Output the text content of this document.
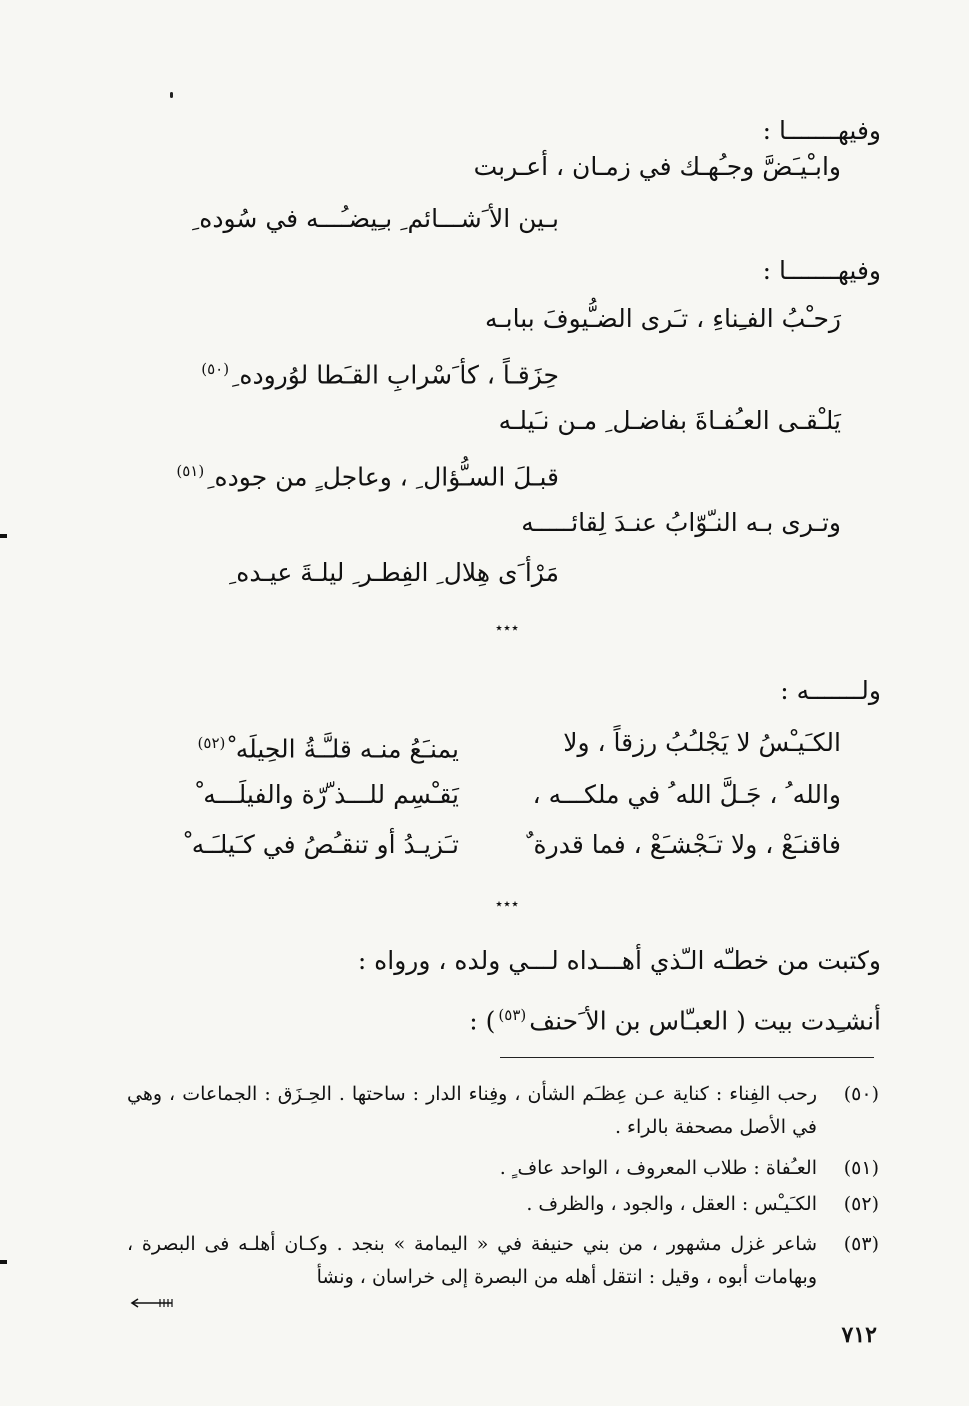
وفيهـــــــا :
وابـْيـَضَّ وجـُهـك في زمـان ، أعـربت
بـين الأ َشـــائم ِ بـِيضـُـــه في سُوده ِ
وفيهـــــــا :
رَحـْبُ الفـِناءِ ، تـَرى الضـُّيوفَ ببابـه
حِزَقـاً ، كأ َسْرابِ القـَطا لوُروده ِ$^{(٥٠)}$
يَلـْقـى العـُفـاةَ بفاضـل ِ مـن نـَيلـه
قبـلَ السـُّؤال ِ ، وعاجل ٍ من جوده ِ$^{(٥١)}$
وتـرى بـه النـّوّابُ عنـدَ لِقائـــــه
مَرْأ َى هِلال ِ الفِطـر ِ ليلـةَ عيـده ِ
⋆⋆⋆
ولـــــــه :
الكـَيـْسُ لا يَجْلـُبُ رزقاً ، ولا
يمنـَعُ منـه قلـَّـةُ الحِيلَه ْ$^{(٥٢)}$
والله ُ ، جَـلَّ الله ُ في ملكـــه ،
يَقـْسِم للـــذ ّرّة والفيلَـــه ْ
فاقنـَعْ ، ولا تـَجْشـَعْ ، فما قدرة ٌ
تـَزيـدُ أو تنقـُصُ في كـَيلـَـه ْ
⋆⋆⋆
وكتبت من خطـّه الـّذي أهـــداه لـــي ولده ، ورواه :
أنشـِدت بيت ( العبـّاس بن الأ َحنف$^{(٥٣)}$) :
(٥٠)
رحب الفِناء : كناية عـن عِظـَم الشأن ، وفِناء الدار : ساحتها . الحِـزَق : الجماعات ، وهي في الأصل مصحفة بالراء .
(٥١)
العـُفاة : طلاب المعروف ، الواحد عاف ٍ .
(٥٢)
الكـَيـْس : العقل ، والجود ، والظرف .
(٥٣)
شاعر غزل مشهور ، من بني حنيفة في « اليمامة » بنجد . وكـان أهلـه فى البصرة ، وبهامات أبوه ، وقيل : انتقل أهله من البصرة إلى خراسان ، ونشأ
٧١٢
